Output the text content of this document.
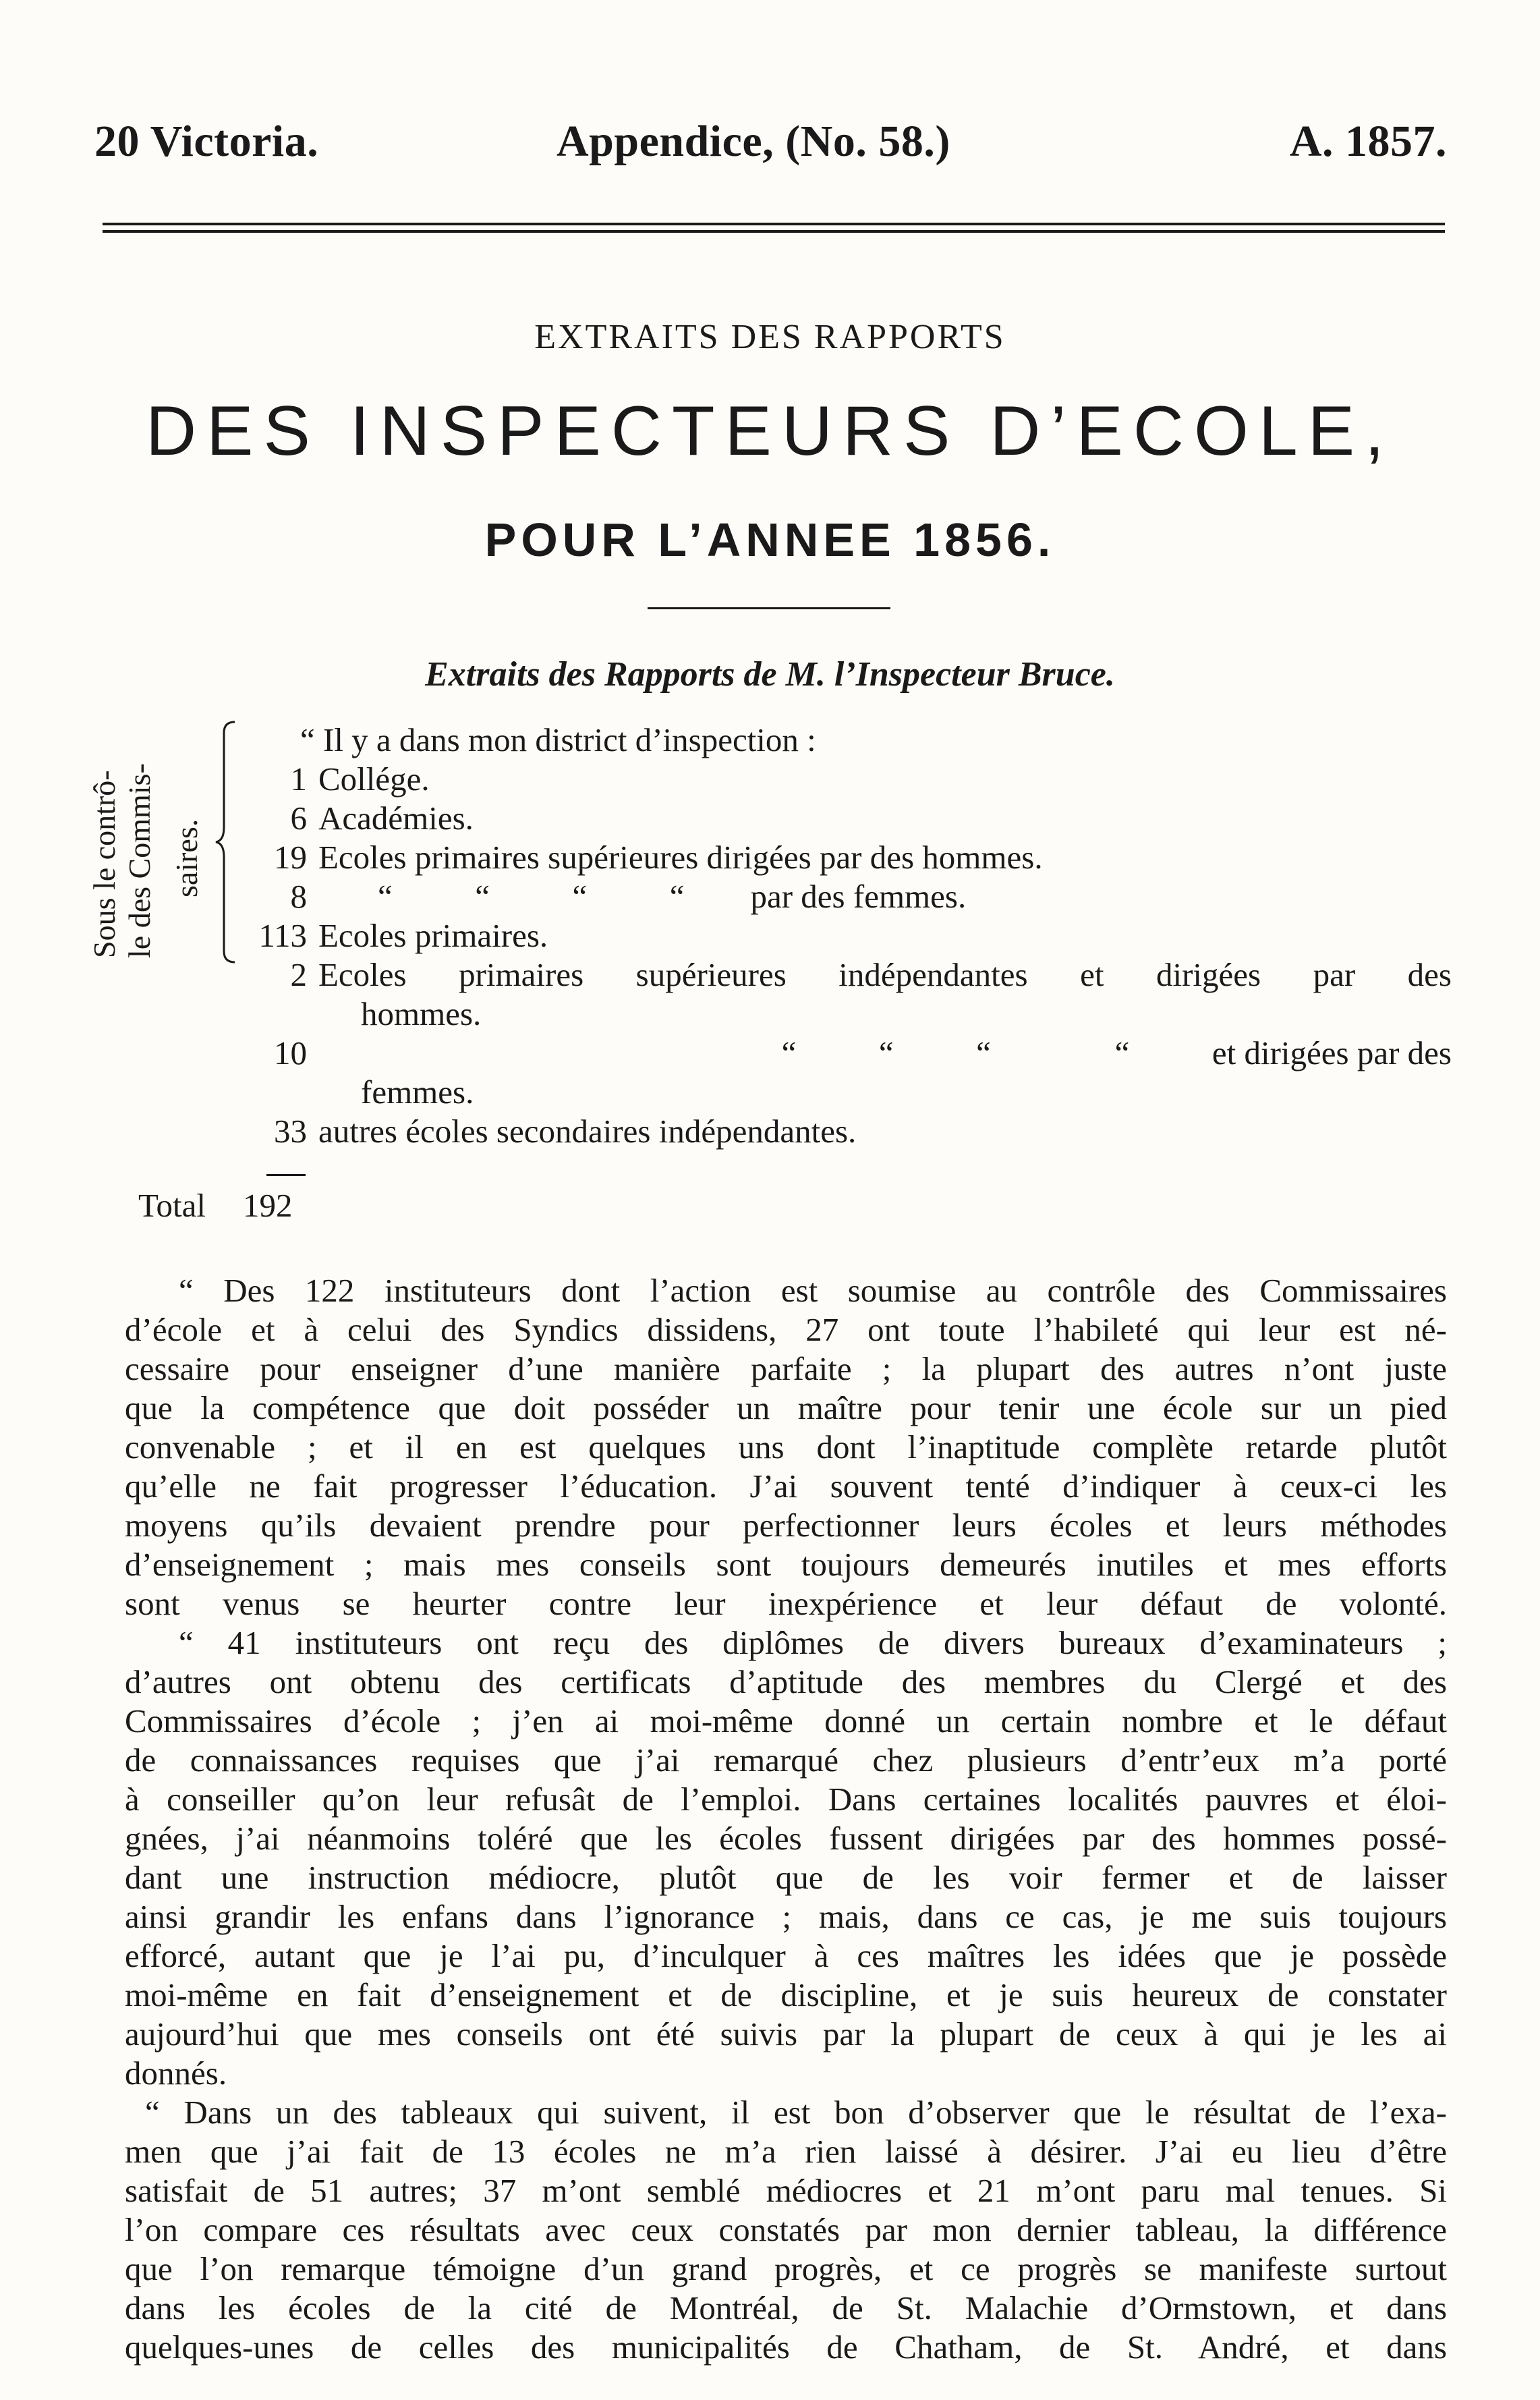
20 Victoria.	Appendice, (No. 58.)	A. 1857.
EXTRAITS DES RAPPORTS
DES INSPECTEURS D’ECOLE,
POUR L’ANNEE 1856.
Extraits des Rapports de M. l’Inspecteur Bruce.
Sous le contrô- le des Commis- saires.
“ Il y a dans mon district d’inspection :
1 Collége.
6 Académies.
19 Ecoles primaires supérieures dirigées par des hommes.
8 “          “          “          “        par des femmes.
113 Ecoles primaires.
2 Ecoles primaires supérieures indépendantes et dirigées par des
hommes.
10	“          “          “               “          et dirigées par des
femmes.
33 autres écoles secondaires indépendantes.
Total 192
“ Des 122 instituteurs dont l’action est soumise au contrôle des Commissaires
d’école et à celui des Syndics dissidens, 27 ont toute l’habileté qui leur est né-
cessaire pour enseigner d’une manière parfaite ; la plupart des autres n’ont juste
que la compétence que doit posséder un maître pour tenir une école sur un pied
convenable ; et il en est quelques uns dont l’inaptitude complète retarde plutôt
qu’elle ne fait progresser l’éducation. J’ai souvent tenté d’indiquer à ceux-ci les
moyens qu’ils devaient prendre pour perfectionner leurs écoles et leurs méthodes
d’enseignement ; mais mes conseils sont toujours demeurés inutiles et mes efforts
sont venus se heurter contre leur inexpérience et leur défaut de volonté.
“ 41 instituteurs ont reçu des diplômes de divers bureaux d’examinateurs ;
d’autres ont obtenu des certificats d’aptitude des membres du Clergé et des
Commissaires d’école ; j’en ai moi-même donné un certain nombre et le défaut
de connaissances requises que j’ai remarqué chez plusieurs d’entr’eux m’a porté
à conseiller qu’on leur refusât de l’emploi. Dans certaines localités pauvres et éloi-
gnées, j’ai néanmoins toléré que les écoles fussent dirigées par des hommes possé-
dant une instruction médiocre, plutôt que de les voir fermer et de laisser
ainsi grandir les enfans dans l’ignorance ; mais, dans ce cas, je me suis toujours
efforcé, autant que je l’ai pu, d’inculquer à ces maîtres les idées que je possède
moi-même en fait d’enseignement et de discipline, et je suis heureux de constater
aujourd’hui que mes conseils ont été suivis par la plupart de ceux à qui je les ai
donnés.
“ Dans un des tableaux qui suivent, il est bon d’observer que le résultat de l’exa-
men que j’ai fait de 13 écoles ne m’a rien laissé à désirer. J’ai eu lieu d’être
satisfait de 51 autres; 37 m’ont semblé médiocres et 21 m’ont paru mal tenues. Si
l’on compare ces résultats avec ceux constatés par mon dernier tableau, la différence
que l’on remarque témoigne d’un grand progrès, et ce progrès se manifeste surtout
dans les écoles de la cité de Montréal, de St. Malachie d’Ormstown, et dans
quelques-unes de celles des municipalités de Chatham, de St. André, et dans
